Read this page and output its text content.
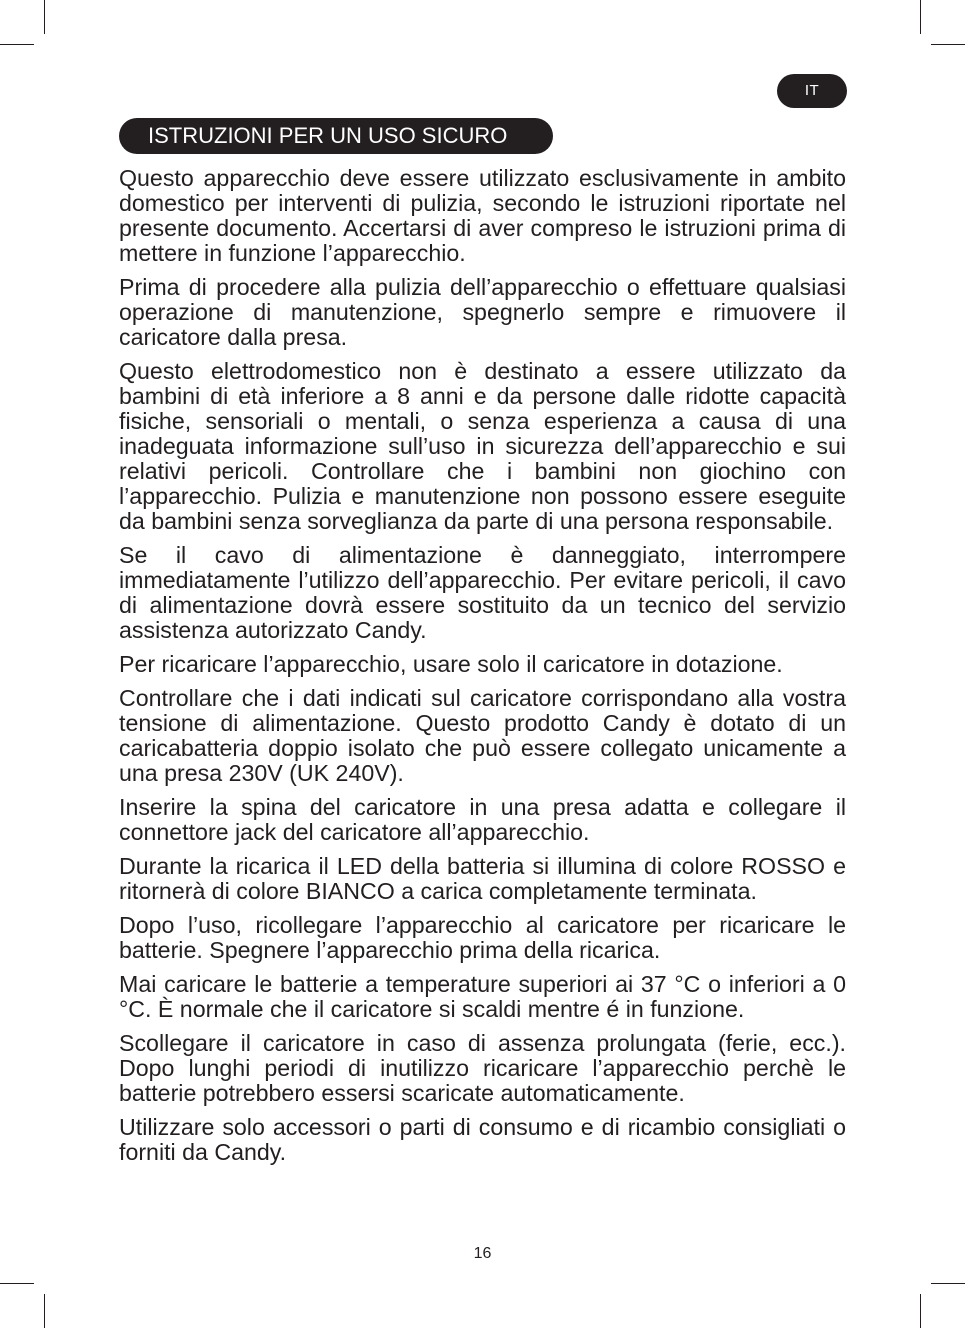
IT
ISTRUZIONI PER UN USO SICURO

Questo apparecchio deve essere utilizzato esclusivamente in ambito domestico per interventi di pulizia, secondo le istruzioni riportate nel presente documento. Accertarsi di aver compreso le istruzioni prima di mettere in funzione l’apparecchio.

Prima di procedere alla pulizia dell’apparecchio o effettuare qualsiasi operazione di manutenzione, spegnerlo sempre e rimuovere il caricatore dalla presa.

Questo elettrodomestico non è destinato a essere utilizzato da bambini di età inferiore a 8 anni e da persone dalle ridotte capacità fisiche, sensoriali o mentali, o senza esperienza a causa di una inadeguata informazione sull’uso in sicurezza dell’apparecchio e sui relativi pericoli. Controllare che i bambini non giochino con l’apparecchio. Pulizia e manutenzione non possono essere eseguite da bambini senza sorveglianza da parte di una persona responsabile.

Se il cavo di alimentazione è danneggiato, interrompere immediatamente l’utilizzo dell’apparecchio. Per evitare pericoli, il cavo di alimentazione dovrà essere sostituito da un tecnico del servizio assistenza autorizzato Candy.

Per ricaricare l’apparecchio, usare solo il caricatore in dotazione.

Controllare che i dati indicati sul caricatore corrispondano alla vostra tensione di alimentazione. Questo prodotto Candy è dotato di un caricabatteria doppio isolato che può essere collegato unicamente a una presa 230V (UK 240V).

Inserire la spina del caricatore in una presa adatta e collegare il connettore jack del caricatore all’apparecchio.

Durante la ricarica il LED della batteria si illumina di colore ROSSO e ritornerà di colore BIANCO a carica completamente terminata.

Dopo l’uso, ricollegare l’apparecchio al caricatore per ricaricare le batterie. Spegnere l’apparecchio prima della ricarica.

Mai caricare le batterie a temperature superiori ai 37 °C o inferiori a 0 °C. È normale che il caricatore si scaldi mentre é in funzione.

Scollegare il caricatore in caso di assenza prolungata (ferie, ecc.). Dopo lunghi periodi di inutilizzo ricaricare l’apparecchio perchè le batterie potrebbero essersi scaricate automaticamente.

Utilizzare solo accessori o parti di consumo e di ricambio consigliati o forniti da Candy.

16
